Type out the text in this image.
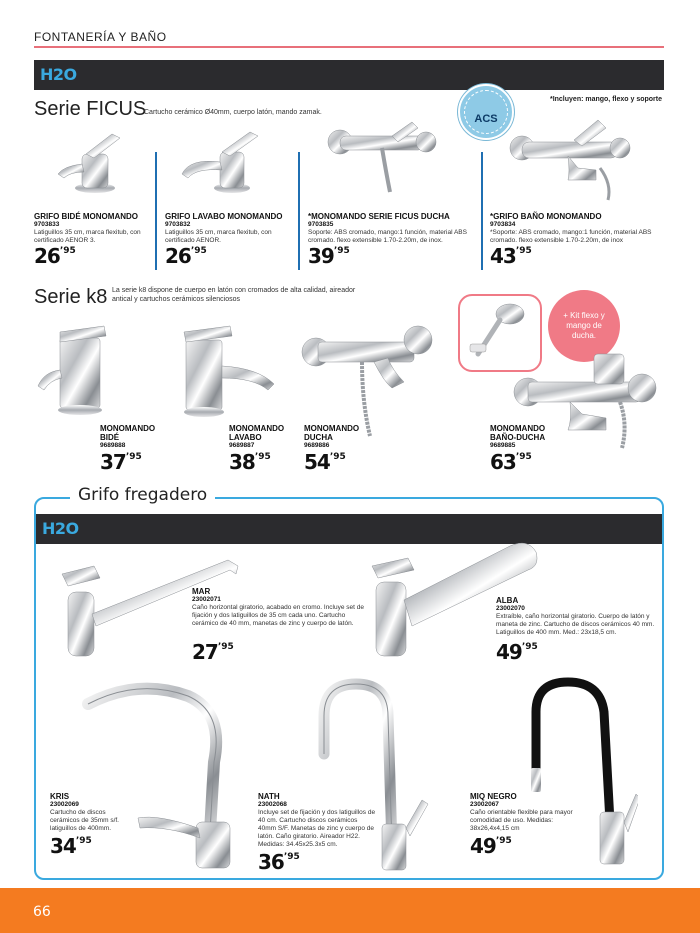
FONTANERÍA Y BAÑO
H2O
Serie FICUS
Cartucho cerámico Ø40mm, cuerpo latón, mando zamak.
*Incluyen: mango, flexo y soporte
ACS
GRIFO BIDÉ MONOMANDO
9703833
Latiguillos 35 cm, marca flexitub, con certificado AENOR 3.
$26^{’95}$
GRIFO LAVABO MONOMANDO
9703832
Latiguillos 35 cm, marca flexitub, con certificado AENOR.
$26^{’95}$
*MONOMANDO SERIE FICUS DUCHA
9703835
Soporte: ABS cromado, mango:1 función, material ABS cromado. flexo extensible 1.70-2.20m, de inox.
$39^{’95}$
*GRIFO BAÑO MONOMANDO
9703834
*Soporte: ABS cromado, mango:1 función, material ABS cromado. flexo extensible 1.70-2.20m, de inox
$43^{’95}$
Serie k8 La serie k8 dispone de cuerpo en latón con cromados de alta calidad, aireador antical y cartuchos cerámicos silenciosos
+ Kit flexo y mango de ducha.
MONOMANDO
BIDÉ
9689888
$37^{’95}$
MONOMANDO
LAVABO
9689887
$38^{’95}$
MONOMANDO
DUCHA
9689886
$54^{’95}$
MONOMANDO
BAÑO-DUCHA
9689885
$63^{’95}$
Grifo fregadero
H2O
MAR
23002071
Caño horizontal giratorio, acabado en cromo. Incluye set de fijación y dos latiguillos de 35 cm cada uno. Cartucho cerámico de 40 mm, manetas de zinc y cuerpo de latón.
$27^{’95}$
ALBA
23002070
Extraíble, caño horizontal giratorio. Cuerpo de latón y maneta de zinc. Cartucho de discos cerámicos 40 mm. Latiguillos de 400 mm. Med.: 23x18,5 cm.
$49^{’95}$
KRIS
23002069
Cartucho de discos cerámicos de 35mm s/f. latiguillos de 400mm.
$34^{’95}$
NATH
23002068
Incluye set de fijación y dos latiguillos de 40 cm. Cartucho discos cerámicos 40mm S/F. Manetas de zinc y cuerpo de latón. Caño giratorio. Aireador H22. Medidas: 34.45x25.3x5 cm.
$36^{’95}$
MIQ NEGRO
23002067
Caño orientable flexible para mayor comodidad de uso. Medidas: 38x26,4x4,15 cm
$49^{’95}$
66
